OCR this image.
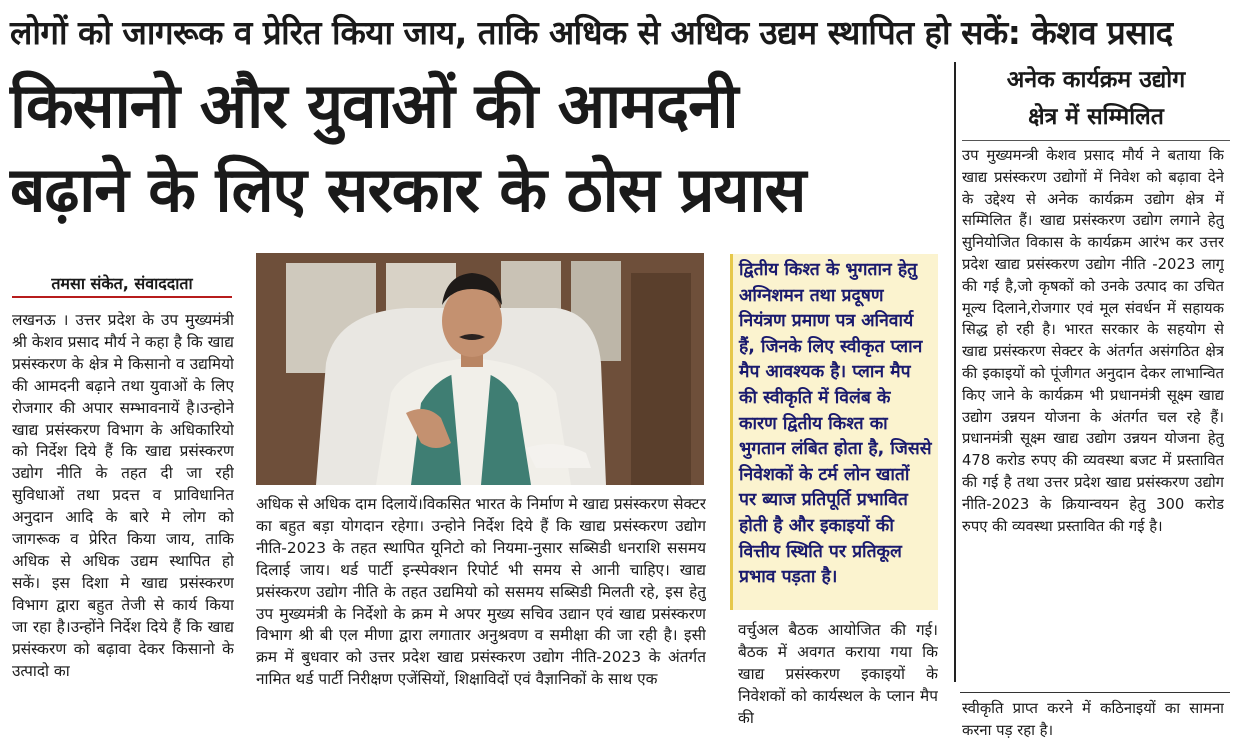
लोगों को जागरूक व प्रेरित किया जाय, ताकि अधिक से अधिक उद्यम स्थापित हो सकें: केशव प्रसाद
किसानो और युवाओं की आमदनी
बढ़ाने के लिए सरकार के ठोस प्रयास
अनेक कार्यक्रम उद्योग
क्षेत्र में सम्मिलित
उप मुख्यमन्त्री केशव प्रसाद मौर्य ने बताया कि खाद्य प्रसंस्करण उद्योगों में निवेश को बढ़ावा देने के उद्देश्य से अनेक कार्यक्रम उद्योग क्षेत्र में सम्मिलित हैं। खाद्य प्रसंस्करण उद्योग लगाने हेतु सुनियोजित विकास के कार्यक्रम आरंभ कर उत्तर प्रदेश खाद्य प्रसंस्करण उद्योग नीति -2023 लागू की गई है,जो कृषकों को उनके उत्पाद का उचित मूल्य दिलाने,रोजगार एवं मूल संवर्धन में सहायक सिद्ध हो रही है। भारत सरकार के सहयोग से खाद्य प्रसंस्करण सेक्टर के अंतर्गत असंगठित क्षेत्र की इकाइयों को पूंजीगत अनुदान देकर लाभान्वित किए जाने के कार्यक्रम भी प्रधानमंत्री सूक्ष्म खाद्य उद्योग उन्नयन योजना के अंतर्गत चल रहे हैं।प्रधानमंत्री सूक्ष्म खाद्य उद्योग उन्नयन योजना हेतु 478 करोड रुपए की व्यवस्था बजट में प्रस्तावित की गई है तथा उत्तर प्रदेश खाद्य प्रसंस्करण उद्योग नीति-2023 के क्रियान्वयन हेतु 300 करोड रुपए की व्यवस्था प्रस्तावित की गई है।
स्वीकृति प्राप्त करने में कठिनाइयों का सामना करना पड़ रहा है।
तमसा संकेत, संवाददाता
लखनऊ । उत्तर प्रदेश के उप मुख्यमंत्री श्री केशव प्रसाद मौर्य ने कहा है कि खाद्य प्रसंस्करण के क्षेत्र मे किसानो व उद्यमियो की आमदनी बढ़ाने तथा युवाओं के लिए रोजगार की अपार सम्भावनायें है।उन्होने खाद्य प्रसंस्करण विभाग के अधिकारियो को निर्देश दिये हैं कि खाद्य प्रसंस्करण उद्योग नीति के तहत दी जा रही सुविधाओं तथा प्रदत्त व प्राविधानित अनुदान आदि के बारे मे लोग को जागरूक व प्रेरित किया जाय, ताकि अधिक से अधिक उद्यम स्थापित हो सकें। इस दिशा मे खाद्य प्रसंस्करण विभाग द्वारा बहुत तेजी से कार्य किया जा रहा है।उन्होंने निर्देश दिये हैं कि खाद्य प्रसंस्करण को बढ़ावा देकर किसानो के उत्पादो का
अधिक से अधिक दाम दिलायें।विकसित भारत के निर्माण मे खाद्य प्रसंस्करण सेक्टर का बहुत बड़ा योगदान रहेगा। उन्होने निर्देश दिये हैं कि खाद्य प्रसंस्करण उद्योग नीति-2023 के तहत स्थापित यूनिटो को नियमा-नुसार सब्सिडी धनराशि ससमय दिलाई जाय। थर्ड पार्टी इन्स्पेक्शन रिपोर्ट भी समय से आनी चाहिए। खाद्य प्रसंस्करण उद्योग नीति के तहत उद्यमियो को ससमय सब्सिडी मिलती रहे, इस हेतु उप मुख्यमंत्री के निर्देशो के क्रम मे अपर मुख्य सचिव उद्यान एवं खाद्य प्रसंस्करण विभाग श्री बी एल मीणा द्वारा लगातार अनुश्रवण व समीक्षा की जा रही है। इसी क्रम में बुधवार को उत्तर प्रदेश खाद्य प्रसंस्करण उद्योग नीति-2023 के अंतर्गत नामित थर्ड पार्टी निरीक्षण एजेंसियों, शिक्षाविदों एवं वैज्ञानिकों के साथ एक
द्वितीय किश्त के भुगतान हेतु अग्निशमन तथा प्रदूषण नियंत्रण प्रमाण पत्र अनिवार्य हैं, जिनके लिए स्वीकृत प्लान मैप आवश्यक है। प्लान मैप की स्वीकृति में विलंब के कारण द्वितीय किश्त का भुगतान लंबित होता है, जिससे निवेशकों के टर्म लोन खातों पर ब्याज प्रतिपूर्ति प्रभावित होती है और इकाइयों की वित्तीय स्थिति पर प्रतिकूल प्रभाव पड़ता है।
वर्चुअल बैठक आयोजित की गई। बैठक में अवगत कराया गया कि खाद्य प्रसंस्करण इकाइयों के निवेशकों को कार्यस्थल के प्लान मैप की
